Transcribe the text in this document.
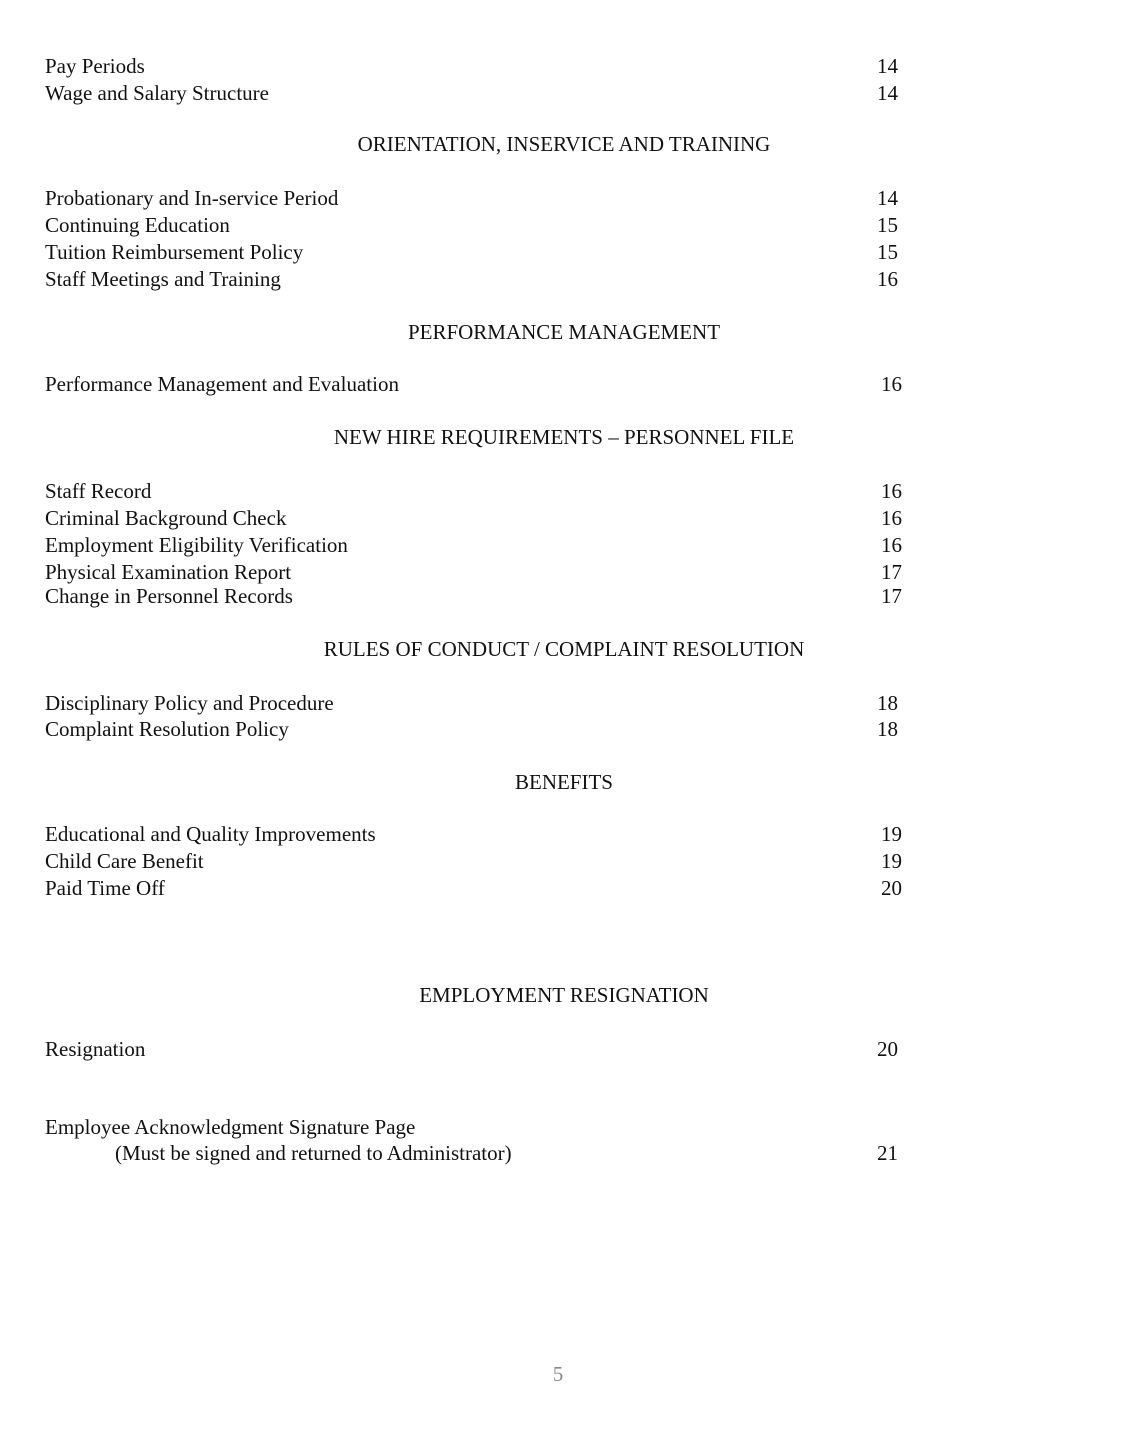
Pay Periods	14
Wage and Salary Structure	14
ORIENTATION, INSERVICE AND TRAINING
Probationary and In-service Period	14
Continuing Education	15
Tuition Reimbursement Policy	15
Staff Meetings and Training	16
PERFORMANCE MANAGEMENT
Performance Management and Evaluation	16
NEW HIRE REQUIREMENTS – PERSONNEL FILE
Staff Record	16
Criminal Background Check	16
Employment Eligibility Verification	16
Physical Examination Report	17
Change in Personnel Records	17
RULES OF CONDUCT / COMPLAINT RESOLUTION
Disciplinary Policy and Procedure	18
Complaint Resolution Policy	18
BENEFITS
Educational and Quality Improvements	19
Child Care Benefit	19
Paid Time Off	20
EMPLOYMENT RESIGNATION
Resignation	20
Employee Acknowledgment Signature Page
(Must be signed and returned to Administrator)	21
5
